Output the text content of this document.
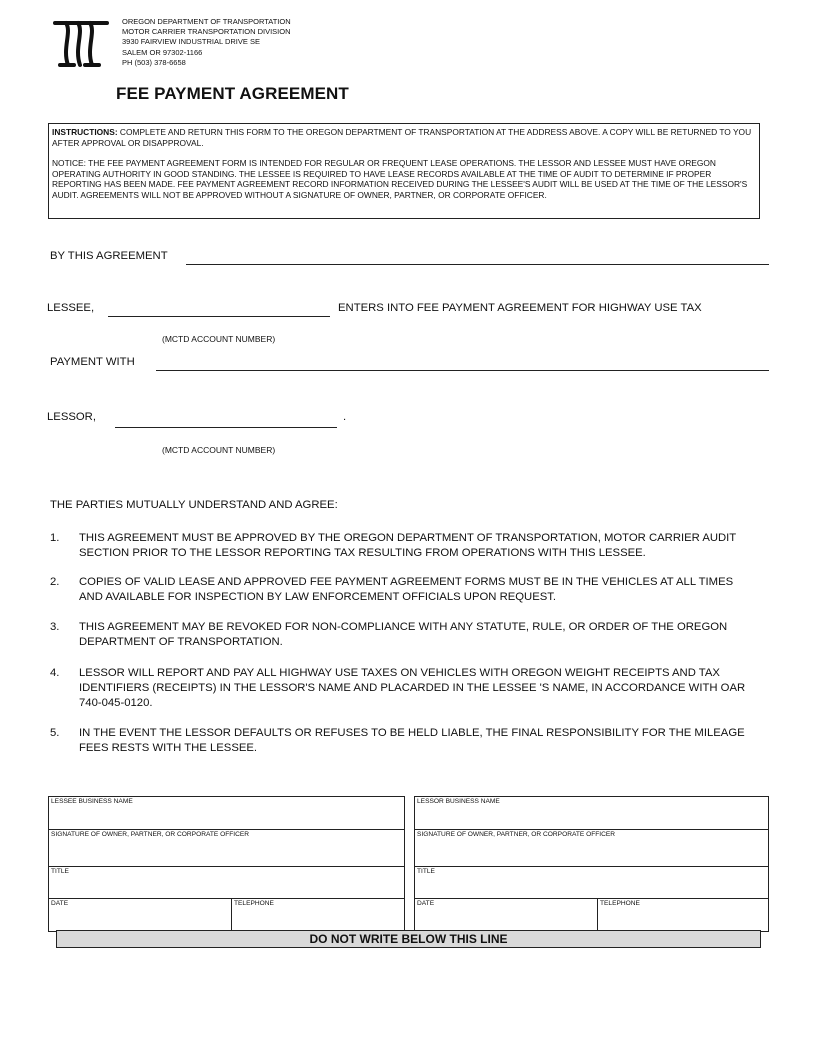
OREGON DEPARTMENT OF TRANSPORTATION
MOTOR CARRIER TRANSPORTATION DIVISION
3930 FAIRVIEW INDUSTRIAL DRIVE SE
SALEM OR 97302-1166
PH (503) 378-6658
FEE PAYMENT AGREEMENT

INSTRUCTIONS: COMPLETE AND RETURN THIS FORM TO THE OREGON DEPARTMENT OF TRANSPORTATION AT THE ADDRESS ABOVE. A COPY WILL BE RETURNED TO YOU AFTER APPROVAL OR DISAPPROVAL.

NOTICE: THE FEE PAYMENT AGREEMENT FORM IS INTENDED FOR REGULAR OR FREQUENT LEASE OPERATIONS. THE LESSOR AND LESSEE MUST HAVE OREGON OPERATING AUTHORITY IN GOOD STANDING. THE LESSEE IS REQUIRED TO HAVE LEASE RECORDS AVAILABLE AT THE TIME OF AUDIT TO DETERMINE IF PROPER REPORTING HAS BEEN MADE. FEE PAYMENT AGREEMENT RECORD INFORMATION RECEIVED DURING THE LESSEE'S AUDIT WILL BE USED AT THE TIME OF THE LESSOR'S AUDIT. AGREEMENTS WILL NOT BE APPROVED WITHOUT A SIGNATURE OF OWNER, PARTNER, OR CORPORATE OFFICER.

BY THIS AGREEMENT
LESSEE,	ENTERS INTO FEE PAYMENT AGREEMENT FOR HIGHWAY USE TAX
(MCTD ACCOUNT NUMBER)
PAYMENT WITH
LESSOR,	.
(MCTD ACCOUNT NUMBER)
THE PARTIES MUTUALLY UNDERSTAND AND AGREE:
1. THIS AGREEMENT MUST BE APPROVED BY THE OREGON DEPARTMENT OF TRANSPORTATION, MOTOR CARRIER AUDIT SECTION PRIOR TO THE LESSOR REPORTING TAX RESULTING FROM OPERATIONS WITH THIS LESSEE.
2. COPIES OF VALID LEASE AND APPROVED FEE PAYMENT AGREEMENT FORMS MUST BE IN THE VEHICLES AT ALL TIMES AND AVAILABLE FOR INSPECTION BY LAW ENFORCEMENT OFFICIALS UPON REQUEST.
3. THIS AGREEMENT MAY BE REVOKED FOR NON-COMPLIANCE WITH ANY STATUTE, RULE, OR ORDER OF THE OREGON DEPARTMENT OF TRANSPORTATION.
4. LESSOR WILL REPORT AND PAY ALL HIGHWAY USE TAXES ON VEHICLES WITH OREGON WEIGHT RECEIPTS AND TAX IDENTIFIERS (RECEIPTS) IN THE LESSOR'S NAME AND PLACARDED IN THE LESSEE 'S NAME, IN ACCORDANCE WITH OAR 740-045-0120.
5. IN THE EVENT THE LESSOR DEFAULTS OR REFUSES TO BE HELD LIABLE, THE FINAL RESPONSIBILITY FOR THE MILEAGE FEES RESTS WITH THE LESSEE.
LESSEE BUSINESS NAME
SIGNATURE OF OWNER, PARTNER, OR CORPORATE OFFICER
TITLE
DATE	TELEPHONE
LESSOR BUSINESS NAME
SIGNATURE OF OWNER, PARTNER, OR CORPORATE OFFICER
TITLE
DATE	TELEPHONE
DO NOT WRITE BELOW THIS LINE
